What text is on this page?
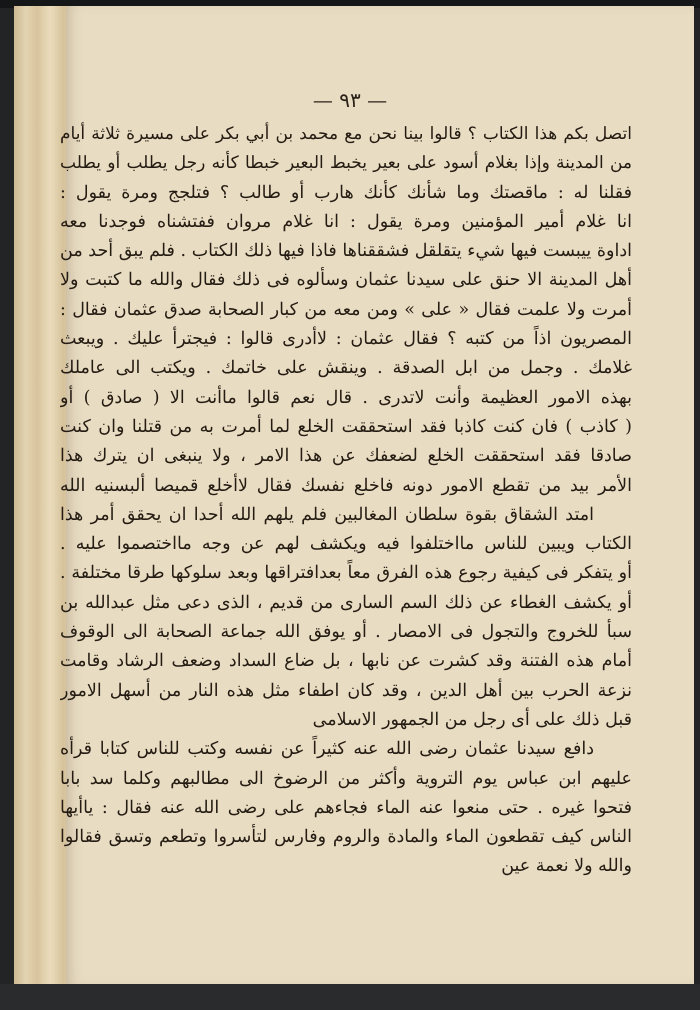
— ٩٣ —
اتصل بكم هذا الكتاب ؟ قالوا بينا نحن مع محمد بن أبي بكر على مسيرة ثلاثة أيام
من المدينة وإذا بغلام أسود على بعير يخبط البعير خبطا كأنه رجل يطلب أو يطلب
فقلنا له : ماقصتك وما شأنك كأنك هارب أو طالب ؟ فتلجج ومرة يقول :
انا غلام أمير المؤمنين ومرة يقول : انا غلام مروان ففتشناه فوجدنا معه
اداوة ييبست فيها شيء يتقلقل فشققناها فاذا فيها ذلك الكتاب . فلم يبق أحد من
أهل المدينة الا حنق على سيدنا عثمان وسألوه فى ذلك فقال والله ما كتبت ولا
أمرت ولا علمت فقال « على » ومن معه من كبار الصحابة صدق عثمان فقال :
المصريون اذاً من كتبه ؟ فقال عثمان : لاأدرى قالوا : فيجترأ عليك . ويبعث
غلامك . وجمل من ابل الصدقة . وينقش على خاتمك . ويكتب الى عاملك
بهذه الامور العظيمة وأنت لاتدرى . قال نعم قالوا ماأنت الا ( صادق ) أو
( كاذب ) فان كنت كاذبا فقد استحققت الخلع لما أمرت به من قتلنا وان كنت
صادقا فقد استحققت الخلع لضعفك عن هذا الامر ، ولا ينبغى ان يترك هذا
الأمر بيد من تقطع الامور دونه فاخلع نفسك فقال لاأخلع قميصا ألبسنيه الله
امتد الشقاق بقوة سلطان المغالبين فلم يلهم الله أحدا ان يحقق أمر هذا
الكتاب ويبين للناس مااختلفوا فيه ويكشف لهم عن وجه مااختصموا عليه .
أو يتفكر فى كيفية رجوع هذه الفرق معاً بعدافتراقها وبعد سلوكها طرقا مختلفة .
أو يكشف الغطاء عن ذلك السم السارى من قديم ، الذى دعى مثل عبدالله بن
سبأ للخروج والتجول فى الامصار . أو يوفق الله جماعة الصحابة الى الوقوف
أمام هذه الفتنة وقد كشرت عن نابها ، بل ضاع السداد وضعف الرشاد وقامت
نزعة الحرب بين أهل الدين ، وقد كان اطفاء مثل هذه النار من أسهل الامور
قبل ذلك على أى رجل من الجمهور الاسلامى
دافع سيدنا عثمان رضى الله عنه كثيراً عن نفسه وكتب للناس كتابا قرأه
عليهم ابن عباس يوم التروية وأكثر من الرضوخ الى مطالبهم وكلما سد بابا
فتحوا غيره . حتى منعوا عنه الماء فجاءهم على رضى الله عنه فقال : ياأيها
الناس كيف تقطعون الماء والمادة والروم وفارس لتأسروا وتطعم وتسق فقالوا
والله ولا نعمة عين
